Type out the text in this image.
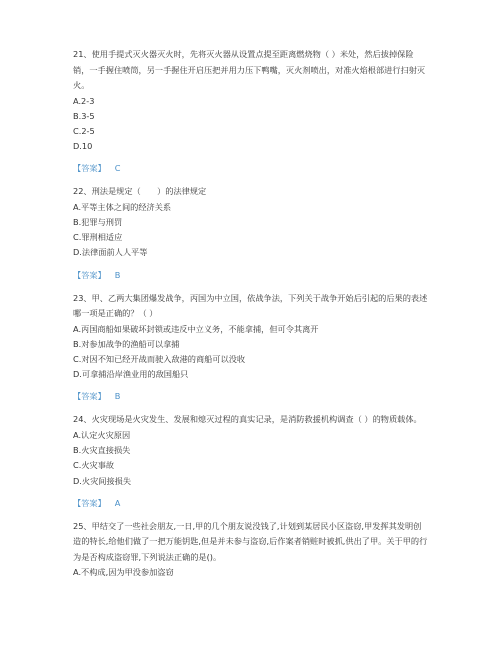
21、使用手提式灭火器灭火时，先将灭火器从设置点提至距离燃烧物（ ）米处，然后拔掉保险销，一手握住喷筒，另一手握住开启压把并用力压下鸭嘴，灭火剂喷出，对准火焰根部进行扫射灭火。

A.2-3

B.3-5

C.2-5

D.10

【答案】 C

22、刑法是规定（　　）的法律规定

A.平等主体之间的经济关系

B.犯罪与刑罚

C.罪刑相适应

D.法律面前人人平等

【答案】 B

23、甲、乙两大集团爆发战争，丙国为中立国，依战争法，下列关于战争开始后引起的后果的表述哪一项是正确的？（ ）

A.丙国商船如果破坏封锁或违反中立义务，不能拿捕，但可令其离开

B.对参加战争的渔船可以拿捕

C.对因不知已经开战而驶入敌港的商船可以没收

D.可拿捕沿岸渔业用的敌国船只

【答案】 B

24、火灾现场是火灾发生、发展和熄灭过程的真实记录，是消防救援机构调查（ ）的物质载体。

A.认定火灾原因

B.火灾直接损失

C.火灾事故

D.火灾间接损失

【答案】 A

25、甲结交了一些社会朋友,一日,甲的几个朋友说没钱了,计划到某居民小区盗窃,甲发挥其发明创造的特长,给他们做了一把万能钥匙,但是并未参与盗窃,后作案者销赃时被抓,供出了甲。关于甲的行为是否构成盗窃罪,下列说法正确的是()。

A.不构成,因为甲没参加盗窃
